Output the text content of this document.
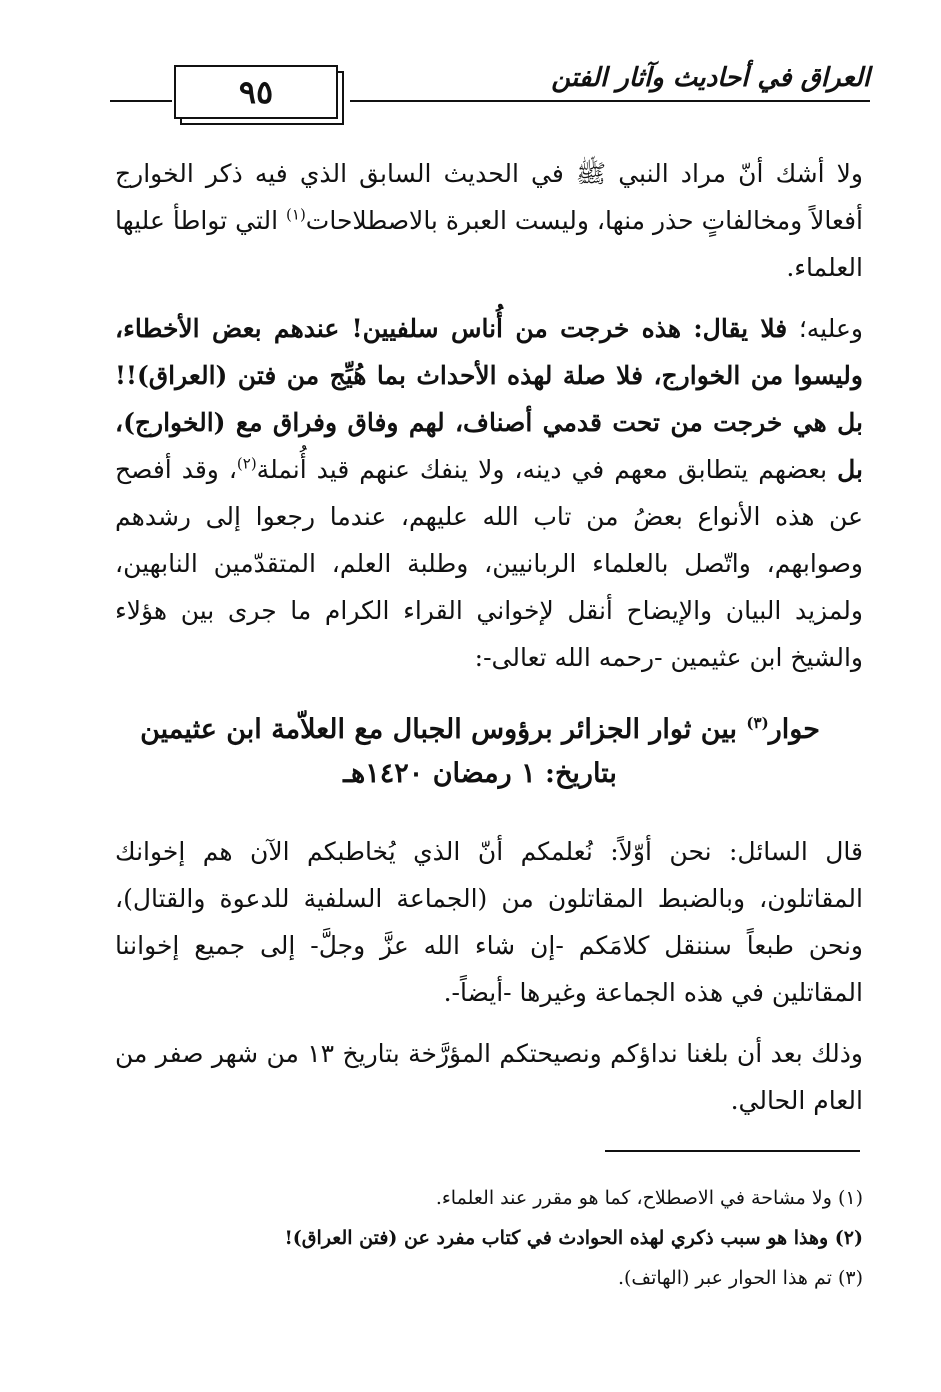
٩٥	العراق في أحاديث وآثار الفتن
ولا أشك أنّ مراد النبي ﷺ في الحديث السابق الذي فيه ذكر الخوارج أفعالاً ومخالفاتٍ حذر منها، وليست العبرة بالاصطلاحات$^{(١)}$ التي تواطأ عليها العلماء.
وعليه؛ فلا يقال: هذه خرجت من أُناس سلفيين! عندهم بعض الأخطاء، وليسوا من الخوارج، فلا صلة لهذه الأحداث بما هُيِّج من فتن (العراق)!! بل هي خرجت من تحت قدمي أصناف، لهم وفاق وفراق مع (الخوارج)، بل بعضهم يتطابق معهم في دينه، ولا ينفك عنهم قيد أُنملة$^{(٢)}$، وقد أفصح عن هذه الأنواع بعضُ من تاب الله عليهم، عندما رجعوا إلى رشدهم وصوابهم، واتّصل بالعلماء الربانيين، وطلبة العلم، المتقدّمين النابهين، ولمزيد البيان والإيضاح أنقل لإخواني القراء الكرام ما جرى بين هؤلاء والشيخ ابن عثيمين -رحمه الله تعالى-:
حوار$^{(٣)}$ بين ثوار الجزائر برؤوس الجبال مع العلاّمة ابن عثيمين
بتاريخ: ١ رمضان ١٤٢٠هـ
قال السائل: نحن أوّلاً: نُعلمكم أنّ الذي يُخاطبكم الآن هم إخوانك المقاتلون، وبالضبط المقاتلون من (الجماعة السلفية للدعوة والقتال)، ونحن طبعاً سننقل كلامَكم -إن شاء الله عزَّ وجلَّ- إلى جميع إخواننا المقاتلين في هذه الجماعة وغيرها -أيضاً-.
وذلك بعد أن بلغنا نداؤكم ونصيحتكم المؤرَّخة بتاريخ ١٣ من شهر صفر من العام الحالي.
(١) ولا مشاحة في الاصطلاح، كما هو مقرر عند العلماء.
(٢) وهذا هو سبب ذكري لهذه الحوادث في كتاب مفرد عن (فتن العراق)!
(٣) تم هذا الحوار عبر (الهاتف).
